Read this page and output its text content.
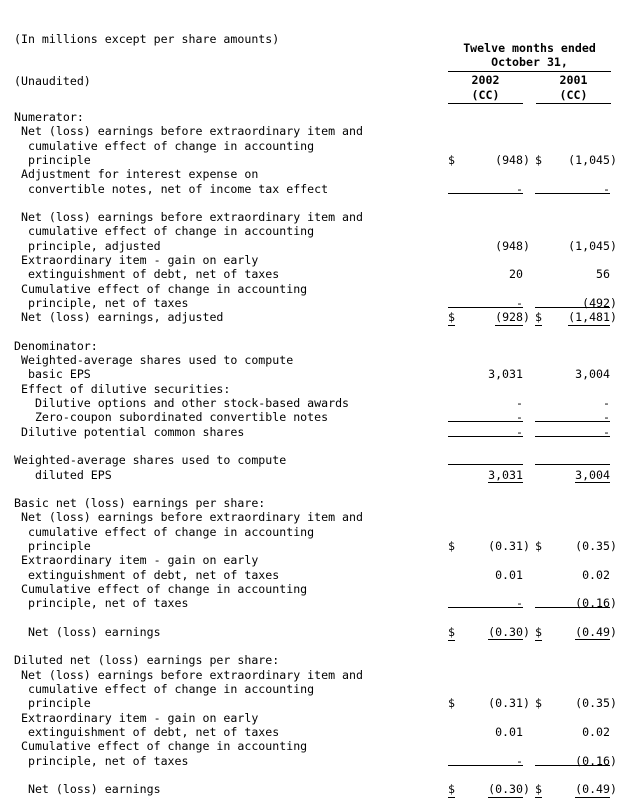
(In millions except per share amounts)

(Unaudited)

Twelve months ended
October 31,
2002	2001
(CC)	(CC)
Numerator:
Net (loss) earnings before extraordinary item and
cumulative effect of change in accounting
principle	$	(948) $ (1,045)
Adjustment for interest expense on
convertible notes, net of income tax effect	-	-
Net (loss) earnings before extraordinary item and
cumulative effect of change in accounting
principle, adjusted	(948)	(1,045)
Extraordinary item - gain on early
extinguishment of debt, net of taxes	20	56
Cumulative effect of change in accounting
principle, net of taxes	-	(492)
Net (loss) earnings, adjusted	$	(928) $ (1,481)
Denominator:
Weighted-average shares used to compute
basic EPS	3,031	3,004
Effect of dilutive securities:
Dilutive options and other stock-based awards	-	-
Zero-coupon subordinated convertible notes	-	-
Dilutive potential common shares	-	-
Weighted-average shares used to compute
diluted EPS	3,031	3,004
Basic net (loss) earnings per share:
Net (loss) earnings before extraordinary item and
cumulative effect of change in accounting
principle	$	(0.31) $	(0.35)
Extraordinary item - gain on early
extinguishment of debt, net of taxes	0.01	0.02
Cumulative effect of change in accounting
principle, net of taxes	-	(0.16)
Net (loss) earnings	$	(0.30) $	(0.49)
Diluted net (loss) earnings per share:
Net (loss) earnings before extraordinary item and
cumulative effect of change in accounting
principle	$	(0.31) $	(0.35)
Extraordinary item - gain on early
extinguishment of debt, net of taxes	0.01	0.02
Cumulative effect of change in accounting
principle, net of taxes	-	(0.16)
Net (loss) earnings	$	(0.30) $	(0.49)
